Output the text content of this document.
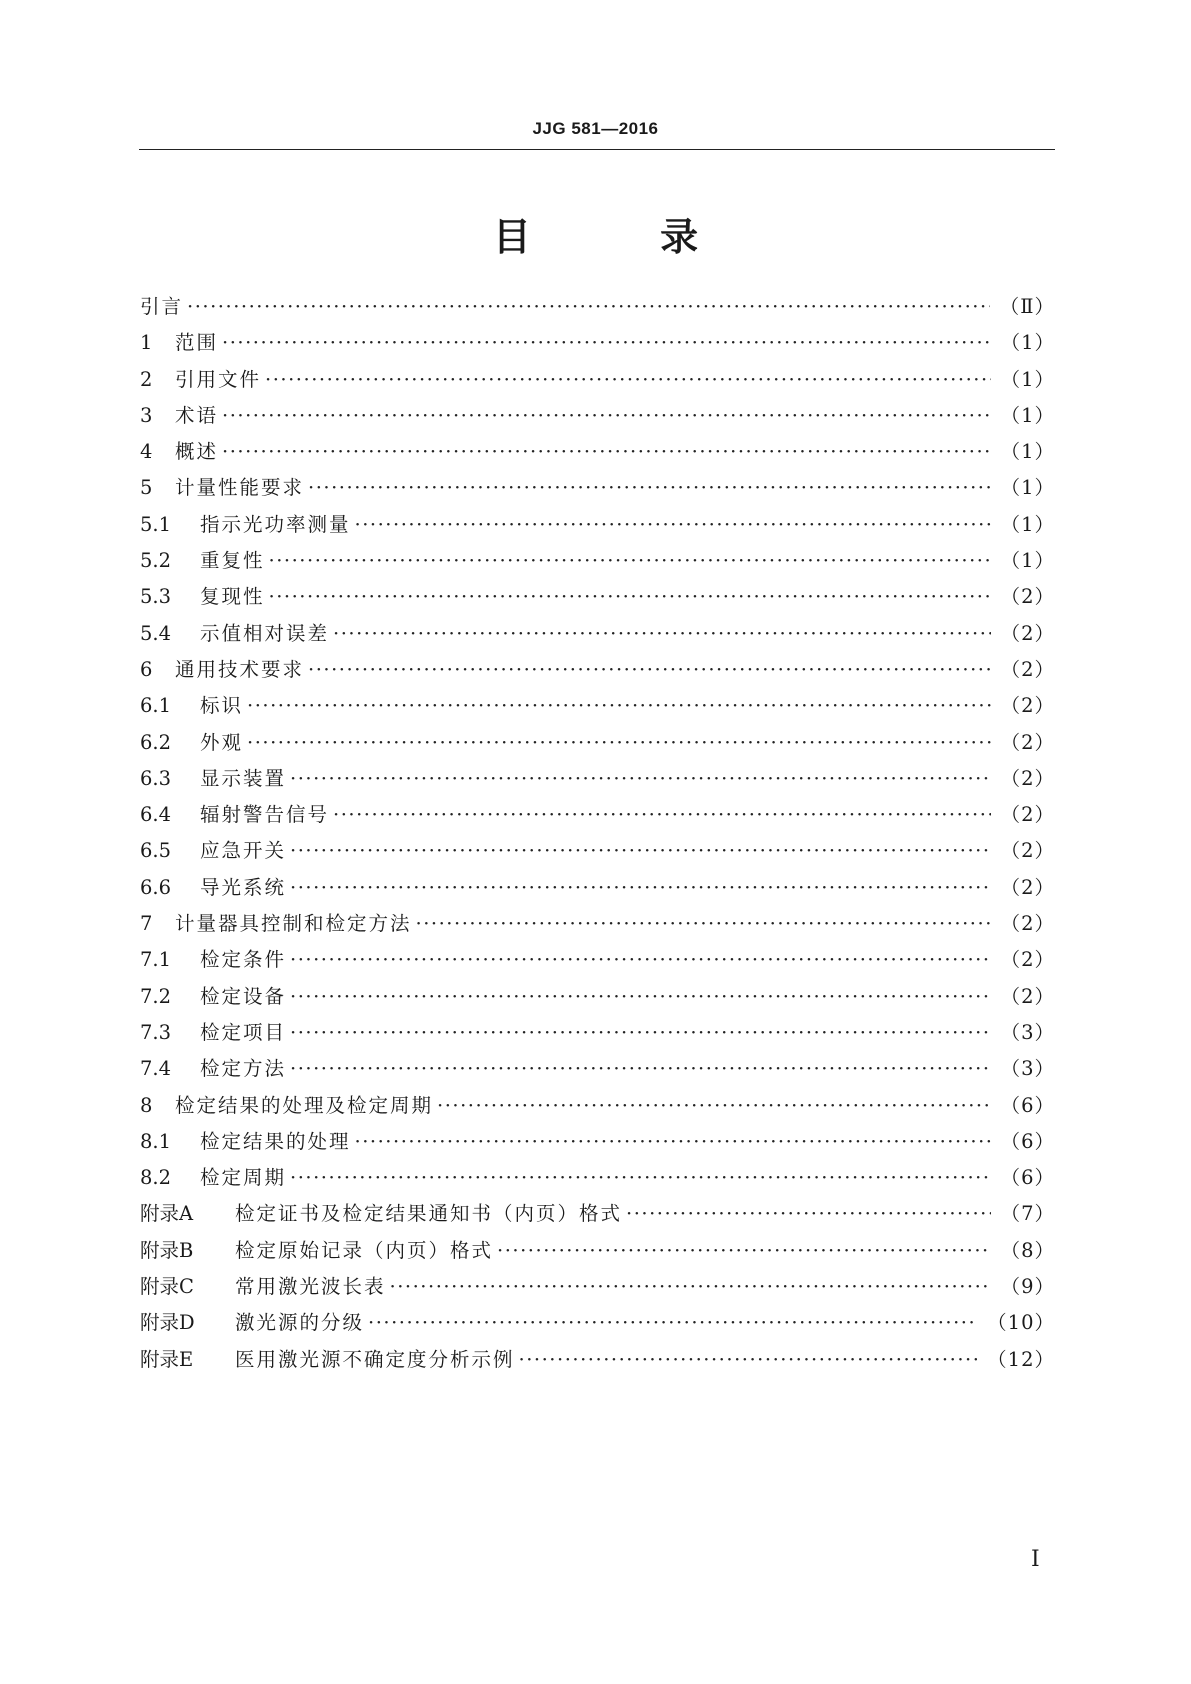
JJG 581—2016
目 录
引言 ·····	（Ⅱ）
1	范围 ·····	（1）
2	引用文件 ·····	（1）
3	术语 ·····	（1）
4	概述 ·····	（1）
5	计量性能要求 ·····	（1）
5.1	指示光功率测量 ·····	（1）
5.2	重复性 ·····	（1）
5.3	复现性 ·····	（2）
5.4	示值相对误差 ·····	（2）
6	通用技术要求 ·····	（2）
6.1	标识 ·····	（2）
6.2	外观 ·····	（2）
6.3	显示装置 ·····	（2）
6.4	辐射警告信号 ·····	（2）
6.5	应急开关 ·····	（2）
6.6	导光系统 ·····	（2）
7	计量器具控制和检定方法 ·····	（2）
7.1	检定条件 ·····	（2）
7.2	检定设备 ·····	（2）
7.3	检定项目 ·····	（3）
7.4	检定方法 ·····	（3）
8	检定结果的处理及检定周期 ·····	（6）
8.1	检定结果的处理 ·····	（6）
8.2	检定周期 ·····	（6）
附录A	检定证书及检定结果通知书（内页）格式 ·····	（7）
附录B	检定原始记录（内页）格式 ·····	（8）
附录C	常用激光波长表 ·····	（9）
附录D	激光源的分级 ·····	（10）
附录E	医用激光源不确定度分析示例 ·····	（12）
I
